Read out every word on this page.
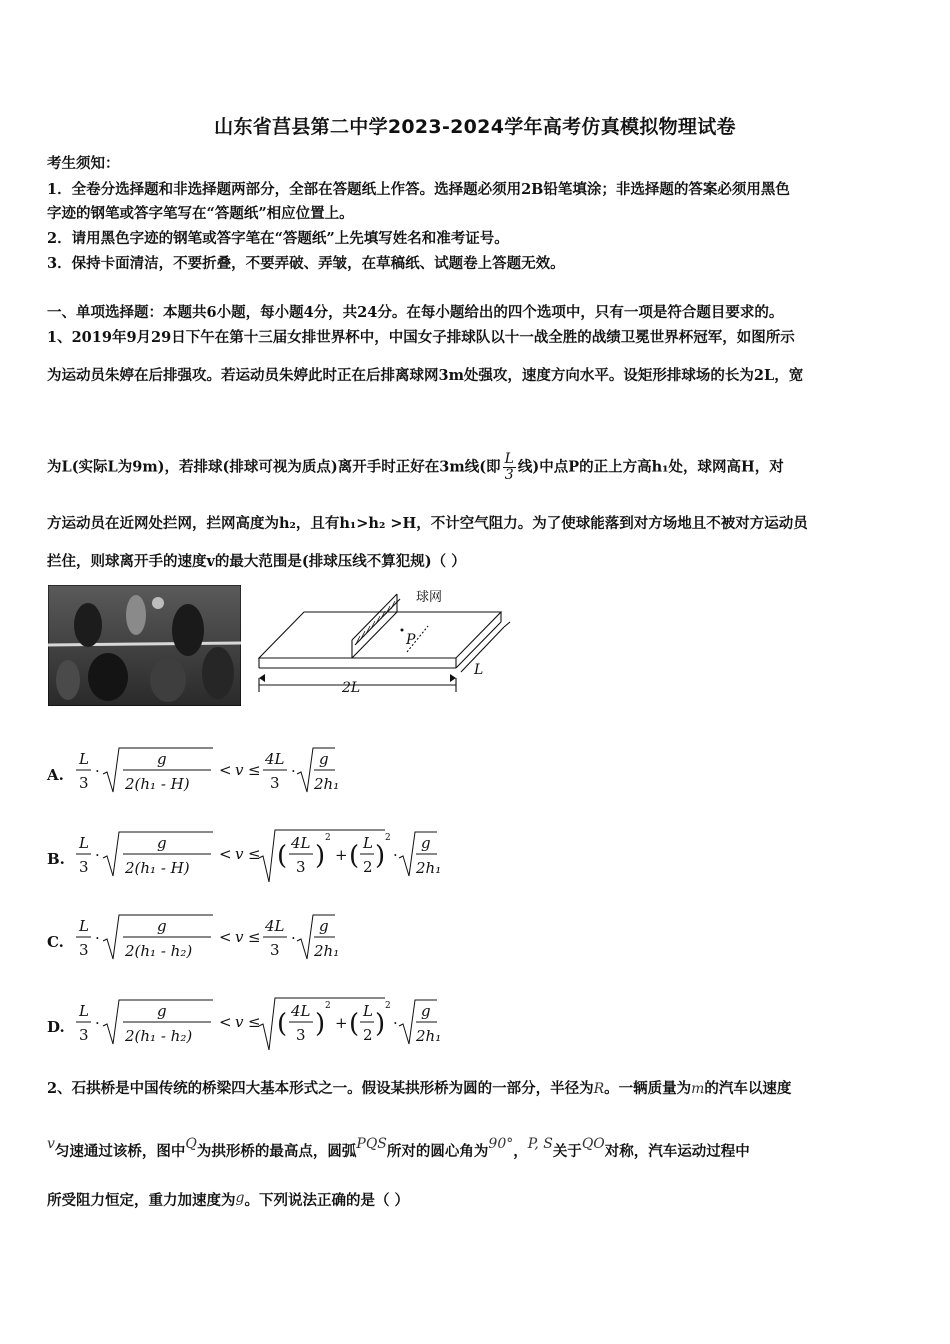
山东省莒县第二中学2023-2024学年高考仿真模拟物理试卷
考生须知：
1．全卷分选择题和非选择题两部分，全部在答题纸上作答。选择题必须用2B铅笔填涂；非选择题的答案必须用黑色
字迹的钢笔或答字笔写在“答题纸”相应位置上。
2．请用黑色字迹的钢笔或答字笔在“答题纸”上先填写姓名和准考证号。
3．保持卡面清洁，不要折叠，不要弄破、弄皱，在草稿纸、试题卷上答题无效。
一、单项选择题：本题共6小题，每小题4分，共24分。在每小题给出的四个选项中，只有一项是符合题目要求的。
1、2019年9月29日下午在第十三届女排世界杯中，中国女子排球队以十一战全胜的战绩卫冕世界杯冠军，如图所示
为运动员朱婷在后排强攻。若运动员朱婷此时正在后排离球网3m处强攻，速度方向水平。设矩形排球场的长为2L，宽
为L(实际L为9m)，若排球(排球可视为质点)离开手时正好在3m线(即 $\frac{L}{3}$ 线)中点P的正上方高h₁处，球网高H，对
方运动员在近网处拦网，拦网高度为h₂，且有h₁>h₂ >H，不计空气阻力。为了使球能落到对方场地且不被对方运动员
拦住，则球离开手的速度v的最大范围是(排球压线不算犯规)（ ）
球网
P
2L
L
A.
L
3
·
g
2(h₁ - H)
< v ≤
4L
3
·
g
2h₁
B.
L
3
·
g
2(h₁ - H)
< v ≤ ( 4L
3 )
2
+ ( L
2 )
2
·
g
2h₁
C.
L
3
·
g
2(h₁ - h₂)
< v ≤
4L
3
·
g
2h₁
D.
L
3
·
g
2(h₁ - h₂)
< v ≤ ( 4L
3 )
2
+ ( L
2 )
2
·
g
2h₁
2、石拱桥是中国传统的桥梁四大基本形式之一。假设某拱形桥为圆的一部分，半径为R。一辆质量为m的汽车以速度
v匀速通过该桥，图中Q为拱形桥的最高点，圆弧PQS所对的圆心角为90°，P, S关于QO对称，汽车运动过程中
所受阻力恒定，重力加速度为g。下列说法正确的是（ ）
